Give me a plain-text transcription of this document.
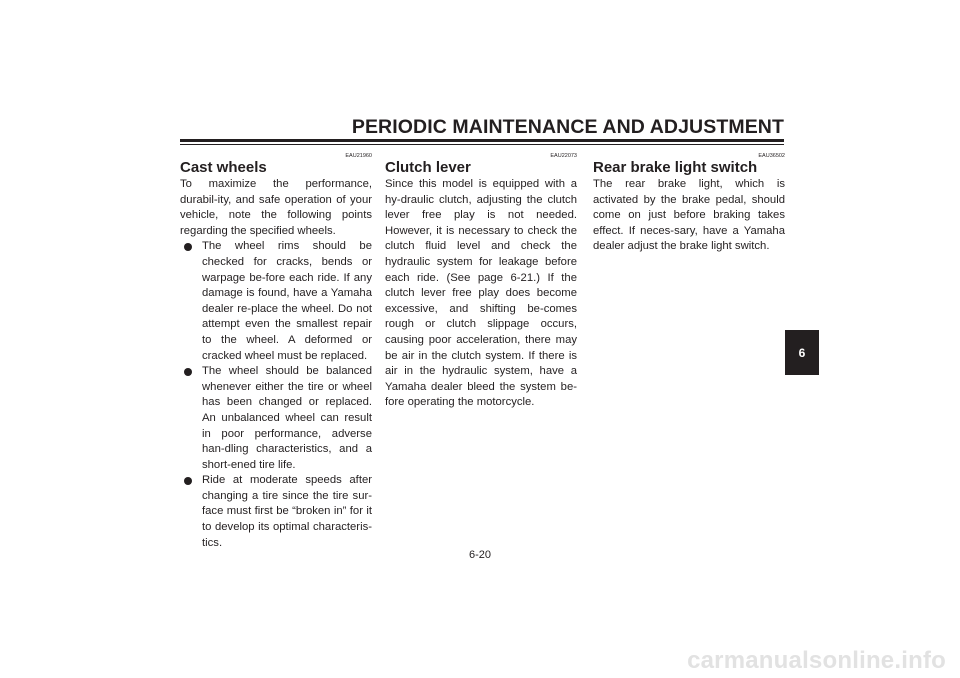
PERIODIC MAINTENANCE AND ADJUSTMENT
EAU21960
Cast wheels

To maximize the performance, durabil-ity, and safe operation of your vehicle, note the following points regarding the specified wheels.

The wheel rims should be checked for cracks, bends or warpage be-fore each ride. If any damage is found, have a Yamaha dealer re-place the wheel. Do not attempt even the smallest repair to the wheel. A deformed or cracked wheel must be replaced.

The wheel should be balanced whenever either the tire or wheel has been changed or replaced. An unbalanced wheel can result in poor performance, adverse han-dling characteristics, and a short-ened tire life.

Ride at moderate speeds after changing a tire since the tire sur-face must first be “broken in” for it to develop its optimal characteris-tics.

EAU22073
Clutch lever

Since this model is equipped with a hy-draulic clutch, adjusting the clutch lever free play is not needed. However, it is necessary to check the clutch fluid level and check the hydraulic system for leakage before each ride. (See page 6-21.) If the clutch lever free play does become excessive, and shifting be-comes rough or clutch slippage occurs, causing poor acceleration, there may be air in the clutch system. If there is air in the hydraulic system, have a Yamaha dealer bleed the system be-fore operating the motorcycle.

EAU36502
Rear brake light switch

The rear brake light, which is activated by the brake pedal, should come on just before braking takes effect. If neces-sary, have a Yamaha dealer adjust the brake light switch.

6
6-20
carmanualsonline.info
